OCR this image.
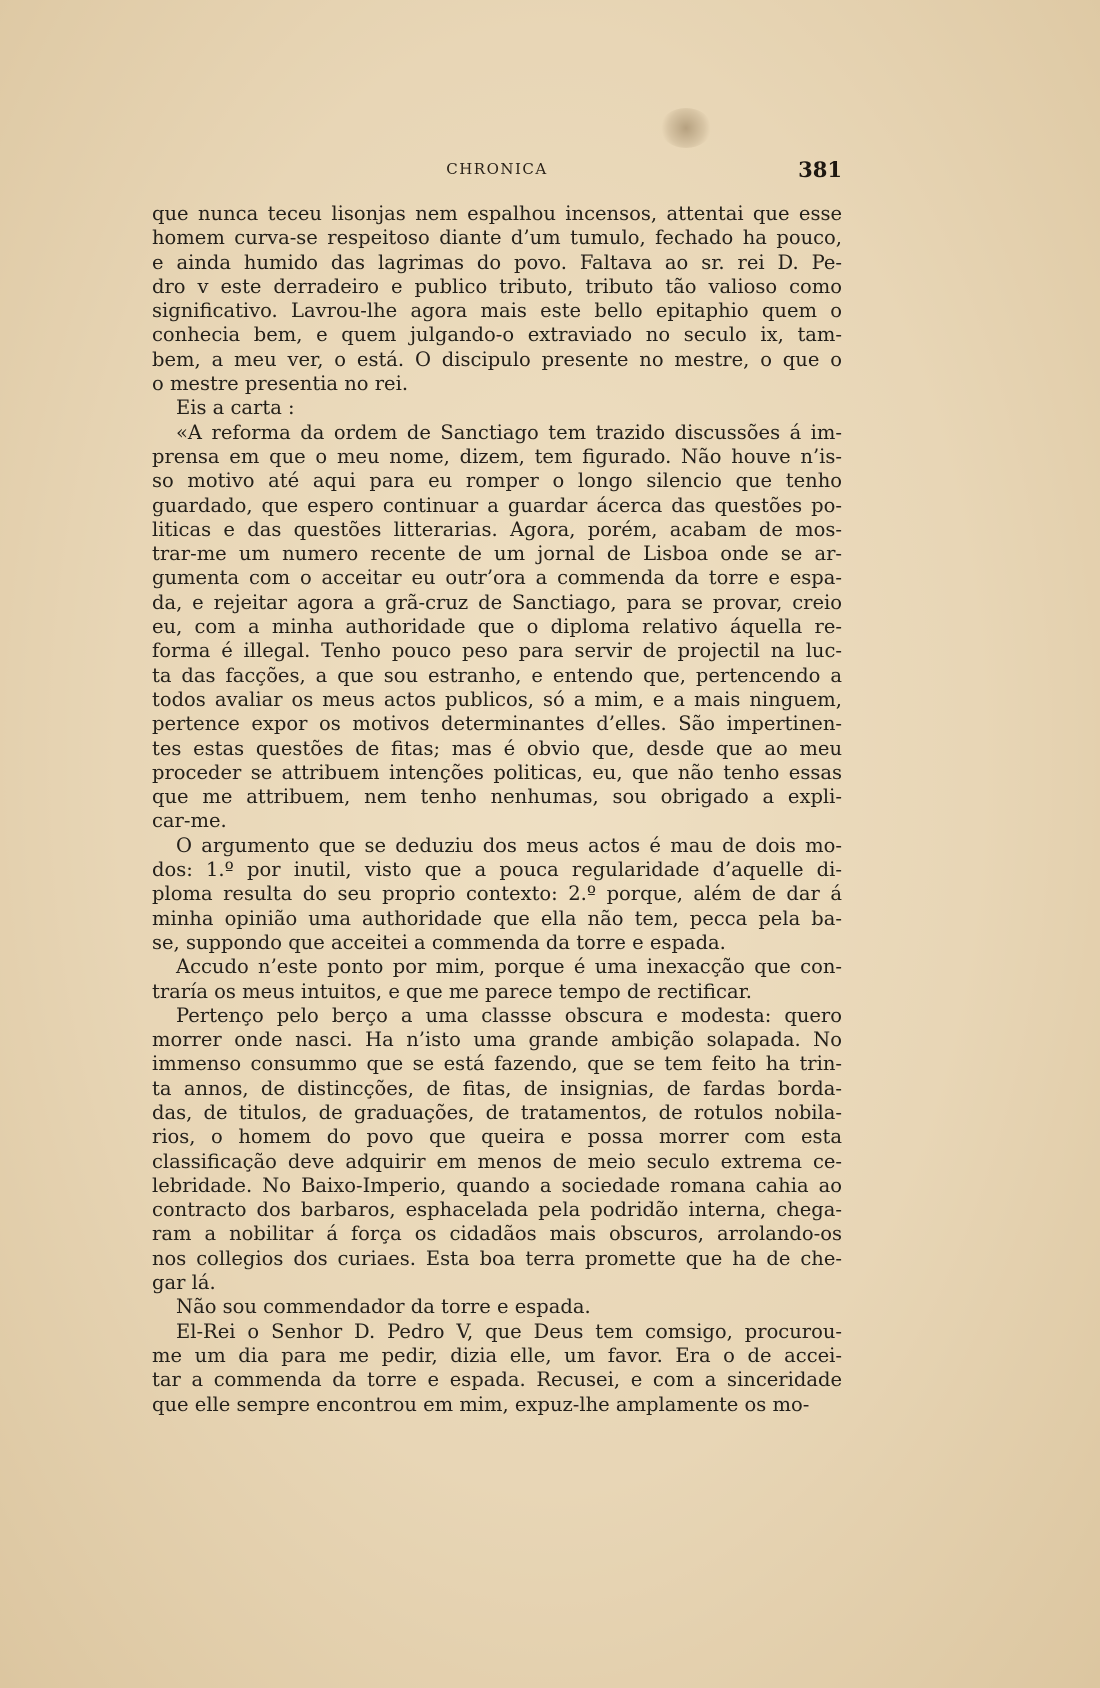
CHRONICA	381
que nunca teceu lisonjas nem espalhou incensos, attentai que esse
homem curva-se respeitoso diante d’um tumulo, fechado ha pouco,
e ainda humido das lagrimas do povo. Faltava ao sr. rei D. Pe-
dro v este derradeiro e publico tributo, tributo tão valioso como
significativo. Lavrou-lhe agora mais este bello epitaphio quem o
conhecia bem, e quem julgando-o extraviado no seculo ix, tam-
bem, a meu ver, o está. O discipulo presente no mestre, o que o
o mestre presentia no rei.
Eis a carta :
«A reforma da ordem de Sanctiago tem trazido discussões á im-
prensa em que o meu nome, dizem, tem figurado. Não houve n’is-
so motivo até aqui para eu romper o longo silencio que tenho
guardado, que espero continuar a guardar ácerca das questões po-
liticas e das questões litterarias. Agora, porém, acabam de mos-
trar-me um numero recente de um jornal de Lisboa onde se ar-
gumenta com o acceitar eu outr’ora a commenda da torre e espa-
da, e rejeitar agora a grã-cruz de Sanctiago, para se provar, creio
eu, com a minha authoridade que o diploma relativo áquella re-
forma é illegal. Tenho pouco peso para servir de projectil na luc-
ta das facções, a que sou estranho, e entendo que, pertencendo a
todos avaliar os meus actos publicos, só a mim, e a mais ninguem,
pertence expor os motivos determinantes d’elles. São impertinen-
tes estas questões de fitas; mas é obvio que, desde que ao meu
proceder se attribuem intenções politicas, eu, que não tenho essas
que me attribuem, nem tenho nenhumas, sou obrigado a expli-
car-me.
O argumento que se deduziu dos meus actos é mau de dois mo-
dos: 1.º por inutil, visto que a pouca regularidade d’aquelle di-
ploma resulta do seu proprio contexto: 2.º porque, além de dar á
minha opinião uma authoridade que ella não tem, pecca pela ba-
se, suppondo que acceitei a commenda da torre e espada.
Accudo n’este ponto por mim, porque é uma inexacção que con-
traría os meus intuitos, e que me parece tempo de rectificar.
Pertenço pelo berço a uma classse obscura e modesta: quero
morrer onde nasci. Ha n’isto uma grande ambição solapada. No
immenso consummo que se está fazendo, que se tem feito ha trin-
ta annos, de distincções, de fitas, de insignias, de fardas borda-
das, de titulos, de graduações, de tratamentos, de rotulos nobila-
rios, o homem do povo que queira e possa morrer com esta
classificação deve adquirir em menos de meio seculo extrema ce-
lebridade. No Baixo-Imperio, quando a sociedade romana cahia ao
contracto dos barbaros, esphacelada pela podridão interna, chega-
ram a nobilitar á força os cidadãos mais obscuros, arrolando-os
nos collegios dos curiaes. Esta boa terra promette que ha de che-
gar lá.
Não sou commendador da torre e espada.
El-Rei o Senhor D. Pedro V, que Deus tem comsigo, procurou-
me um dia para me pedir, dizia elle, um favor. Era o de accei-
tar a commenda da torre e espada. Recusei, e com a sinceridade
que elle sempre encontrou em mim, expuz-lhe amplamente os mo-
